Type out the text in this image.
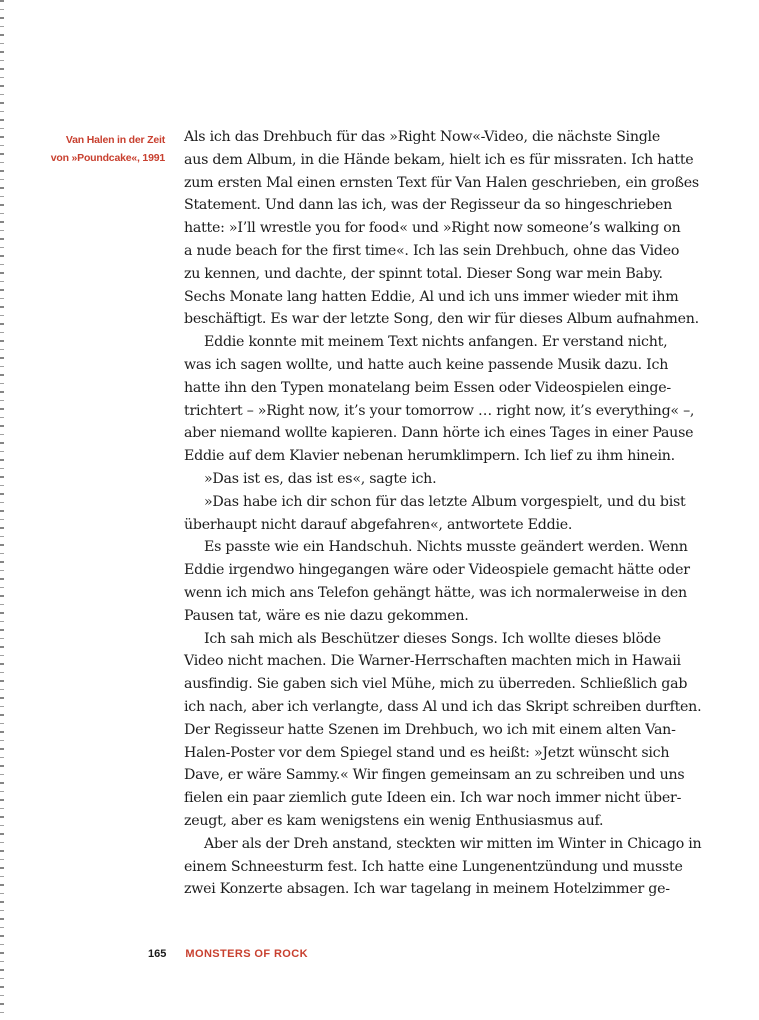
Van Halen in der Zeit
von »Poundcake«, 1991
Als ich das Drehbuch für das »Right Now«-Video, die nächste Single
aus dem Album, in die Hände bekam, hielt ich es für missraten. Ich hatte
zum ersten Mal einen ernsten Text für Van Halen geschrieben, ein großes
Statement. Und dann las ich, was der Regisseur da so hingeschrieben
hatte: »I’ll wrestle you for food« und »Right now someone’s walking on
a nude beach for the first time«. Ich las sein Drehbuch, ohne das Video
zu kennen, und dachte, der spinnt total. Dieser Song war mein Baby.
Sechs Monate lang hatten Eddie, Al und ich uns immer wieder mit ihm
beschäftigt. Es war der letzte Song, den wir für dieses Album aufnahmen.
Eddie konnte mit meinem Text nichts anfangen. Er verstand nicht,
was ich sagen wollte, und hatte auch keine passende Musik dazu. Ich
hatte ihn den Typen monatelang beim Essen oder Videospielen einge-
trichtert – »Right now, it’s your tomorrow … right now, it’s everything« –,
aber niemand wollte kapieren. Dann hörte ich eines Tages in einer Pause
Eddie auf dem Klavier nebenan herumklimpern. Ich lief zu ihm hinein.
»Das ist es, das ist es«, sagte ich.
»Das habe ich dir schon für das letzte Album vorgespielt, und du bist
überhaupt nicht darauf abgefahren«, antwortete Eddie.
Es passte wie ein Handschuh. Nichts musste geändert werden. Wenn
Eddie irgendwo hingegangen wäre oder Videospiele gemacht hätte oder
wenn ich mich ans Telefon gehängt hätte, was ich normalerweise in den
Pausen tat, wäre es nie dazu gekommen.
Ich sah mich als Beschützer dieses Songs. Ich wollte dieses blöde
Video nicht machen. Die Warner-Herrschaften machten mich in Hawaii
ausfindig. Sie gaben sich viel Mühe, mich zu überreden. Schließlich gab
ich nach, aber ich verlangte, dass Al und ich das Skript schreiben durften.
Der Regisseur hatte Szenen im Drehbuch, wo ich mit einem alten Van-
Halen-Poster vor dem Spiegel stand und es heißt: »Jetzt wünscht sich
Dave, er wäre Sammy.« Wir fingen gemeinsam an zu schreiben und uns
fielen ein paar ziemlich gute Ideen ein. Ich war noch immer nicht über-
zeugt, aber es kam wenigstens ein wenig Enthusiasmus auf.
Aber als der Dreh anstand, steckten wir mitten im Winter in Chicago in
einem Schneesturm fest. Ich hatte eine Lungenentzündung und musste
zwei Konzerte absagen. Ich war tagelang in meinem Hotelzimmer ge-
165 MONSTERS OF ROCK
